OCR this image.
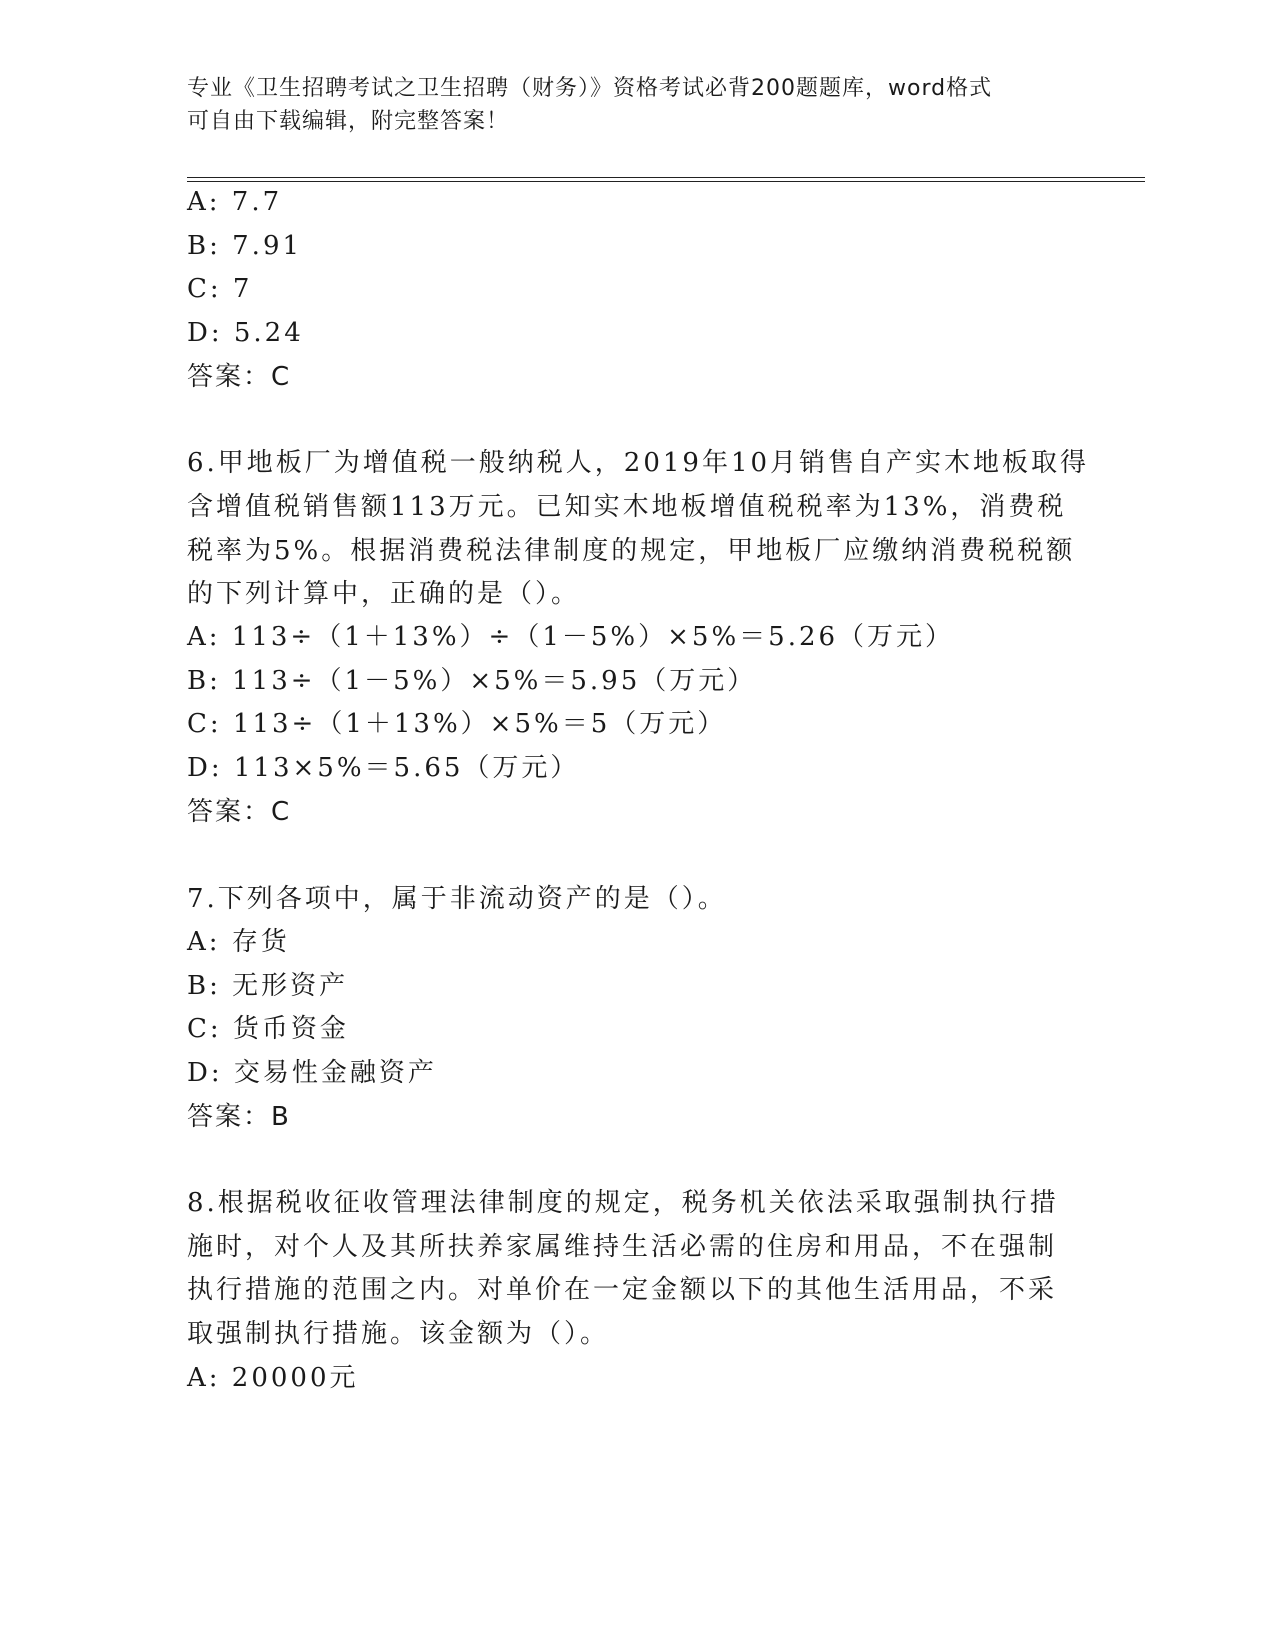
专业《卫生招聘考试之卫生招聘（财务）》资格考试必背200题题库，word格式
可自由下载编辑，附完整答案！
A: 7.7
B: 7.91
C: 7
D: 5.24
答案：C
6.甲地板厂为增值税一般纳税人，2019年10月销售自产实木地板取得
含增值税销售额113万元。已知实木地板增值税税率为13%，消费税
税率为5%。根据消费税法律制度的规定，甲地板厂应缴纳消费税税额
的下列计算中，正确的是（）。
A: 113÷（1＋13%）÷（1－5%）×5%＝5.26（万元）
B: 113÷（1－5%）×5%＝5.95（万元）
C: 113÷（1＋13%）×5%＝5（万元）
D: 113×5%＝5.65（万元）
答案：C
7.下列各项中，属于非流动资产的是（）。
A: 存货
B: 无形资产
C: 货币资金
D: 交易性金融资产
答案：B
8.根据税收征收管理法律制度的规定，税务机关依法采取强制执行措
施时，对个人及其所扶养家属维持生活必需的住房和用品，不在强制
执行措施的范围之内。对单价在一定金额以下的其他生活用品，不采
取强制执行措施。该金额为（）。
A: 20000元
